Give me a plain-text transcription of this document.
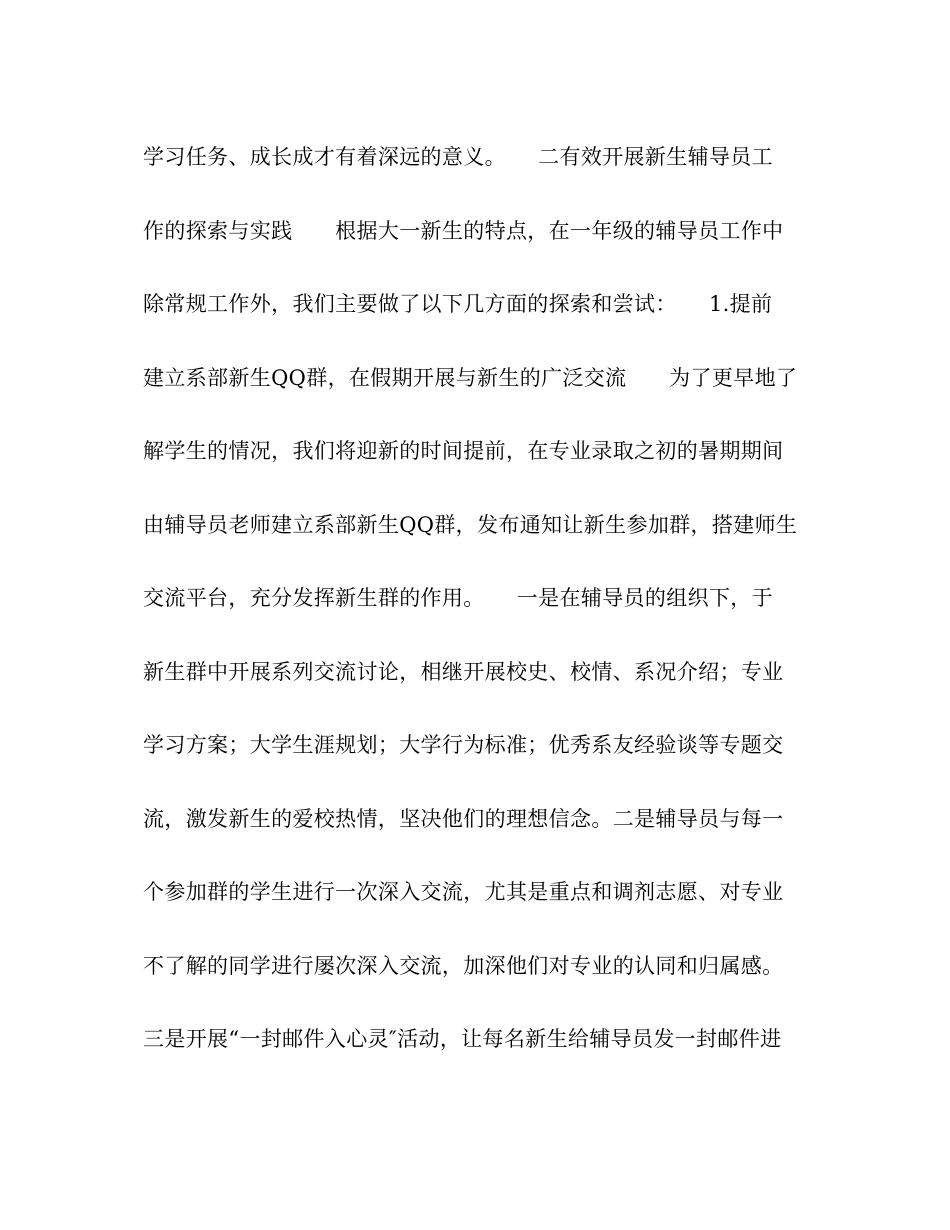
学习任务、成长成才有着深远的意义。　　二有效开展新生辅导员工
作的探索与实践　　根据大一新生的特点，在一年级的辅导员工作中
除常规工作外，我们主要做了以下几方面的探索和尝试：　　1.提前
建立系部新生QQ群，在假期开展与新生的广泛交流　　为了更早地了
解学生的情况，我们将迎新的时间提前，在专业录取之初的暑期期间
由辅导员老师建立系部新生QQ群，发布通知让新生参加群，搭建师生
交流平台，充分发挥新生群的作用。　　一是在辅导员的组织下，于
新生群中开展系列交流讨论，相继开展校史、校情、系况介绍；专业
学习方案；大学生涯规划；大学行为标准；优秀系友经验谈等专题交
流，激发新生的爱校热情，坚决他们的理想信念。二是辅导员与每一
个参加群的学生进行一次深入交流，尤其是重点和调剂志愿、对专业
不了解的同学进行屡次深入交流，加深他们对专业的认同和归属感。
三是开展“一封邮件入心灵″活动，让每名新生给辅导员发一封邮件进
